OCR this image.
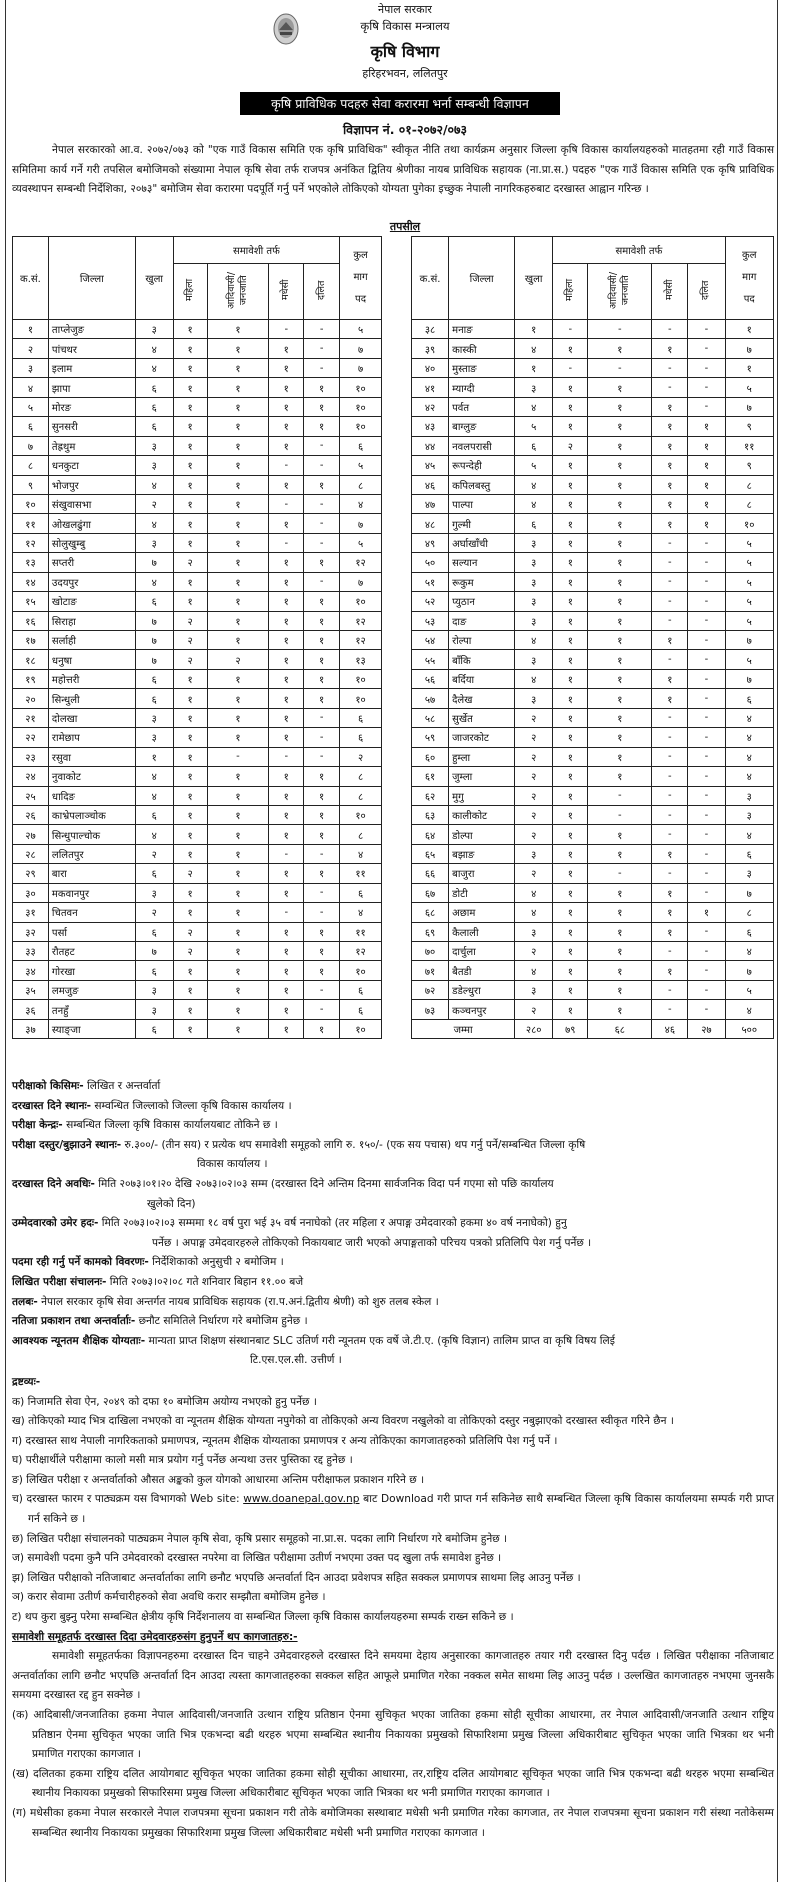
नेपाल सरकार
कृषि विकास मन्त्रालय
कृषि विभाग
हरिहरभवन, ललितपुर
कृषि प्राविधिक पदहरु सेवा करारमा भर्ना सम्बन्धी विज्ञापन
विज्ञापन नं. ०१-२०७२/०७३
नेपाल सरकारको आ.व. २०७२/०७३ को "एक गाउँ विकास समिति एक कृषि प्राविधिक" स्वीकृत नीति तथा कार्यक्रम अनुसार जिल्ला कृषि विकास कार्यालयहरुको मातहतमा रही गाउँ विकास समितिमा कार्य गर्ने गरी तपसिल बमोजिमको संख्यामा नेपाल कृषि सेवा तर्फ राजपत्र अनंकित द्वितिय श्रेणीका नायब प्राविधिक सहायक (ना.प्रा.स.) पदहरु "एक गाउँ विकास समिति एक कृषि प्राविधिक व्यवस्थापन सम्बन्धी निर्देशिका, २०७३" बमोजिम सेवा करारमा पदपूर्ति गर्नु पर्ने भएकोले तोकिएको योग्यता पुगेका इच्छुक नेपाली नागरिकहरुबाट दरखास्त आह्वान गरिन्छ ।
तपसील
क.सं.	जिल्ला	खुला	समावेशी तर्फ				कुल
माग
पद
			महिला	आदिवासी/ जनजाति	मधेसी	दलित	
१	ताप्लेजुङ	३	१	१	-	-	५
२	पांचथर	४	१	१	१	-	७
३	इलाम	४	१	१	१	-	७
४	झापा	६	१	१	१	१	१०
५	मोरङ	६	१	१	१	१	१०
६	सुनसरी	६	१	१	१	१	१०
७	तेह्रथुम	३	१	१	१	-	६
८	धनकुटा	३	१	१	-	-	५
९	भोजपुर	४	१	१	१	१	८
१०	संखुवासभा	२	१	१	-	-	४
११	ओखलढुंगा	४	१	१	१	-	७
१२	सोलुखुम्बु	३	१	१	-	-	५
१३	सप्तरी	७	२	१	१	१	१२
१४	उदयपुर	४	१	१	१	-	७
१५	खोटाङ	६	१	१	१	१	१०
१६	सिराहा	७	२	१	१	१	१२
१७	सर्लाही	७	२	१	१	१	१२
१८	धनुषा	७	२	२	१	१	१३
१९	महोत्तरी	६	१	१	१	१	१०
२०	सिन्धुली	६	१	१	१	१	१०
२१	दोलखा	३	१	१	१	-	६
२२	रामेछाप	३	१	१	१	-	६
२३	रसुवा	१	१	-	-	-	२
२४	नुवाकोट	४	१	१	१	१	८
२५	धादिङ	४	१	१	१	१	८
२६	काभ्रेपलाञ्चोक	६	१	१	१	१	१०
२७	सिन्धुपाल्चोक	४	१	१	१	१	८
२८	ललितपुर	२	१	१	-	-	४
२९	बारा	६	२	१	१	१	११
३०	मकवानपुर	३	१	१	१	-	६
३१	चितवन	२	१	१	-	-	४
३२	पर्सा	६	२	१	१	१	११
३३	रौतहट	७	२	१	१	१	१२
३४	गोरखा	६	१	१	१	१	१०
३५	लमजुङ	३	१	१	१	-	६
३६	तनहुँ	३	१	१	१	-	६
३७	स्याङ्जा	६	१	१	१	१	१०
क.सं.	जिल्ला	खुला	समावेशी तर्फ				कुल
माग
पद
			महिला	आदिवासी/ जनजाति	मधेसी	दलित	
३८	मनाङ	१	-	-	-	-	१
३९	कास्की	४	१	१	१	-	७
४०	मुस्ताङ	१	-	-	-	-	१
४१	म्याग्दी	३	१	१	-	-	५
४२	पर्वत	४	१	१	१	-	७
४३	बाग्लुङ	५	१	१	१	१	९
४४	नवलपरासी	६	२	१	१	१	११
४५	रूपन्देही	५	१	१	१	१	९
४६	कपिलबस्तु	४	१	१	१	१	८
४७	पाल्पा	४	१	१	१	१	८
४८	गुल्मी	६	१	१	१	१	१०
४९	अर्घाखाँची	३	१	१	-	-	५
५०	सल्यान	३	१	१	-	-	५
५१	रूकुम	३	१	१	-	-	५
५२	प्युठान	३	१	१	-	-	५
५३	दाङ	३	१	१	-	-	५
५४	रोल्पा	४	१	१	१	-	७
५५	बाँकि	३	१	१	-	-	५
५६	बर्दिया	४	१	१	१	-	७
५७	दैलेख	३	१	१	१	-	६
५८	सुर्खेत	२	१	१	-	-	४
५९	जाजरकोट	२	१	१	-	-	४
६०	हुम्ला	२	१	१	-	-	४
६१	जुम्ला	२	१	१	-	-	४
६२	मुगु	२	१	-	-	-	३
६३	कालीकोट	२	१	-	-	-	३
६४	डोल्पा	२	१	१	-	-	४
६५	बझाङ	३	१	१	१	-	६
६६	बाजुरा	२	१	-	-	-	३
६७	डोटी	४	१	१	१	-	७
६८	अछाम	४	१	१	१	१	८
६९	कैलाली	३	१	१	१	-	६
७०	दार्चुला	२	१	१	-	-	४
७१	बैतडी	४	१	१	१	-	७
७२	डडेल्धुरा	३	१	१	-	-	५
७३	कञ्चनपुर	२	१	१	-	-	४
जम्मा		२८०	७९	६८	४६	२७	५००
परीक्षाको किसिमः- लिखित र अन्तर्वार्ता
दरखास्त दिने स्थानः- सम्वन्धित जिल्लाको जिल्ला कृषि विकास कार्यालय ।
परीक्षा केन्द्रः- सम्बन्धित जिल्ला कृषि विकास कार्यालयबाट तोकिने छ ।
परीक्षा दस्तुर/बुझाउने स्थानः- रु.३००/- (तीन सय) र प्रत्येक थप समावेशी समूहको लागि रु. १५०/- (एक सय पचास) थप गर्नु पर्ने/सम्बन्धित जिल्ला कृषि
विकास कार्यालय ।
दरखास्त दिने अवधिः- मिति २०७३।०१।२० देखि २०७३।०२।०३ सम्म (दरखास्त दिने अन्तिम दिनमा सार्वजनिक विदा पर्न गएमा सो पछि कार्यालय
खुलेको दिन)
उम्मेदवारको उमेर हदः- मिति २०७३।०२।०३ सम्ममा १८ वर्ष पुरा भई ३५ वर्ष ननाघेको (तर महिला र अपाङ्ग उमेदवारको हकमा ४० वर्ष ननाघेको) हुनु
पर्नेछ । अपाङ्ग उमेदवारहरुले तोकिएको निकायबाट जारी भएको अपाङ्गताको परिचय पत्रको प्रतिलिपि पेश गर्नु पर्नेछ ।
पदमा रही गर्नु पर्ने कामको विवरणः- निर्देशिकाको अनुसुची २ बमोजिम ।
लिखित परीक्षा संचालनः- मिति २०७३।०२।०८ गते शनिवार बिहान ११.०० बजे
तलबः- नेपाल सरकार कृषि सेवा अन्तर्गत नायब प्राविधिक सहायक (रा.प.अनं.द्वितीय श्रेणी) को शुरु तलब स्केल ।
नतिजा प्रकाशन तथा अन्तर्वार्ताः- छनौट समितिले निर्धारण गरे बमोजिम हुनेछ ।
आवश्यक न्यूनतम शैक्षिक योग्यताः- मान्यता प्राप्त शिक्षण संस्थानबाट SLC उतिर्ण गरी न्यूनतम एक वर्षे जे.टी.ए. (कृषि विज्ञान) तालिम प्राप्त वा कृषि विषय लिई
टि.एस.एल.सी. उत्तीर्ण ।
द्रष्टव्यः-
क) निजामति सेवा ऐन, २०४९ को दफा १० बमोजिम अयोग्य नभएको हुनु पर्नेछ ।
ख) तोकिएको म्याद भित्र दाखिला नभएको वा न्यूनतम शैक्षिक योग्यता नपुगेको वा तोकिएको अन्य विवरण नखुलेको वा तोकिएको दस्तुर नबुझाएको दरखास्त स्वीकृत गरिने छैन ।
ग) दरखास्त साथ नेपाली नागरिकताको प्रमाणपत्र, न्यूनतम शैक्षिक योग्यताका प्रमाणपत्र र अन्य तोकिएका कागजातहरुको प्रतिलिपि पेश गर्नु पर्ने ।
घ) परीक्षार्थीले परीक्षामा कालो मसी मात्र प्रयोग गर्नु पर्नेछ अन्यथा उत्तर पुस्तिका रद्द हुनेछ ।
ङ) लिखित परीक्षा र अन्तर्वार्ताको औसत अङ्कको कुल योगको आधारमा अन्तिम परीक्षाफल प्रकाशन गरिने छ ।
च) दरखास्त फारम र पाठ्यक्रम यस विभागको Web site: www.doanepal.gov.np बाट Download गरी प्राप्त गर्न सकिनेछ साथै सम्बन्धित जिल्ला कृषि विकास कार्यालयमा सम्पर्क गरी प्राप्त गर्न सकिने छ ।
छ) लिखित परीक्षा संचालनको पाठ्यक्रम नेपाल कृषि सेवा, कृषि प्रसार समूहको ना.प्रा.स. पदका लागि निर्धारण गरे बमोजिम हुनेछ ।
ज) समावेशी पदमा कुनै पनि उमेदवारको दरखास्त नपरेमा वा लिखित परीक्षामा उतीर्ण नभएमा उक्त पद खुला तर्फ समावेश हुनेछ ।
झ) लिखित परीक्षाको नतिजाबाट अन्तर्वार्ताका लागि छनौट भएपछि अन्तर्वार्ता दिन आउदा प्रवेशपत्र सहित सक्कल प्रमाणपत्र साथमा लिइ आउनु पर्नेछ ।
ञ) करार सेवामा उतीर्ण कर्मचारीहरुको सेवा अवधि करार सम्झौता बमोजिम हुनेछ ।
ट) थप कुरा बुझ्नु परेमा सम्बन्धित क्षेत्रीय कृषि निर्देशनालय वा सम्बन्धित जिल्ला कृषि विकास कार्यालयहरुमा सम्पर्क राख्न सकिने छ ।
समावेशी समूहतर्फ दरखास्त दिदा उमेदवारहरुसंग हुनुपर्ने थप कागजातहरु:-
समावेशी समूहतर्फका विज्ञापनहरुमा दरखास्त दिन चाहने उमेदवारहरुले दरखास्त दिने समयमा देहाय अनुसारका कागजातहरु तयार गरी दरखास्त दिनु पर्दछ । लिखित परीक्षाका नतिजाबाट अन्तर्वार्ताका लागि छनौट भएपछि अन्तर्वार्ता दिन आउदा त्यस्ता कागजातहरुका सक्कल सहित आफूले प्रमाणित गरेका नक्कल समेत साथमा लिइ आउनु पर्दछ । उल्लखित कागजातहरु नभएमा जुनसकै समयमा दरखास्त रद्द हुन सक्नेछ ।
(क) आदिबासी/जनजातिका हकमा नेपाल आदिवासी/जनजाति उत्थान राष्ट्रिय प्रतिष्ठान ऐनमा सुचिकृत भएका जातिका हकमा सोही सूचीका आधारमा, तर नेपाल आदिवासी/जनजाति उत्थान राष्ट्रिय प्रतिष्ठान ऐनमा सुचिकृत भएका जाति भित्र एकभन्दा बढी थरहरु भएमा सम्बन्धित स्थानीय निकायका प्रमुखको सिफारिशमा प्रमुख जिल्ला अधिकारीबाट सुचिकृत भएका जाति भित्रका थर भनी प्रमाणित गराएका कागजात ।
(ख) दलितका हकमा राष्ट्रिय दलित आयोगबाट सूचिकृत भएका जातिका हकमा सोही सूचीका आधारमा, तर,राष्ट्रिय दलित आयोगबाट सूचिकृत भएका जाति भित्र एकभन्दा बढी थरहरु भएमा सम्बन्धित स्थानीय निकायका प्रमुखको सिफारिसमा प्रमुख जिल्ला अधिकारीबाट सूचिकृत भएका जाति भित्रका थर भनी प्रमाणित गराएका कागजात ।
(ग) मधेसीका हकमा नेपाल सरकारले नेपाल राजपत्रमा सूचना प्रकाशन गरी तोके बमोजिमका सस्थाबाट मधेसी भनी प्रमाणित गरेका कागजात, तर नेपाल राजपत्रमा सूचना प्रकाशन गरी संस्था नतोकेसम्म सम्बन्धित स्थानीय निकायका प्रमुखका सिफारिशमा प्रमुख जिल्ला अधिकारीबाट मधेसी भनी प्रमाणित गराएका कागजात ।
